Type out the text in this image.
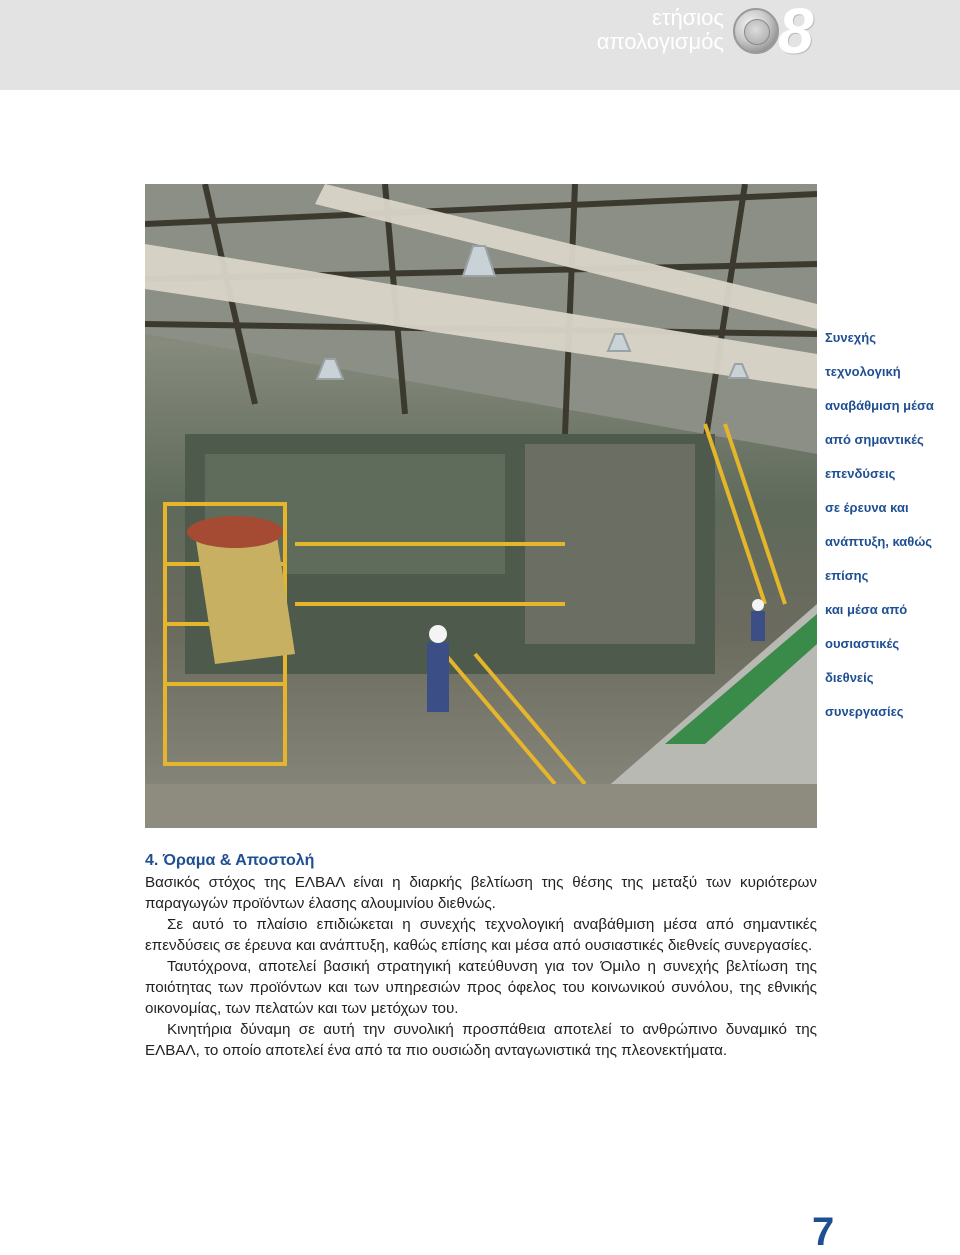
ετήσιος
απολογισμός 8
Συνεχής
τεχνολογική
αναβάθμιση μέσα
από σημαντικές
επενδύσεις
σε έρευνα και
ανάπτυξη, καθώς
επίσης
και μέσα από
ουσιαστικές
διεθνείς
συνεργασίες
4. Όραμα & Αποστολή

Βασικός στόχος της ΕΛΒΑΛ είναι η διαρκής βελτίωση της θέσης της μεταξύ των κυριότερων παραγωγών προϊόντων έλασης αλουμινίου διεθνώς.

Σε αυτό το πλαίσιο επιδιώκεται η συνεχής τεχνολογική αναβάθμιση μέσα από σημαντικές επενδύσεις σε έρευνα και ανάπτυξη, καθώς επίσης και μέσα από ουσιαστικές διεθνείς συνεργασίες.

Ταυτόχρονα, αποτελεί βασική στρατηγική κατεύθυνση για τον Όμιλο η συνεχής βελτίωση της ποιότητας των προϊόντων και των υπηρεσιών προς όφελος του κοινωνικού συνόλου, της εθνικής οικονομίας, των πελατών και των μετόχων του.

Κινητήρια δύναμη σε αυτή την συνολική προσπάθεια αποτελεί το ανθρώπινο δυναμικό της ΕΛΒΑΛ, το οποίο αποτελεί ένα από τα πιο ουσιώδη ανταγωνιστικά της πλεονεκτήματα.

7
